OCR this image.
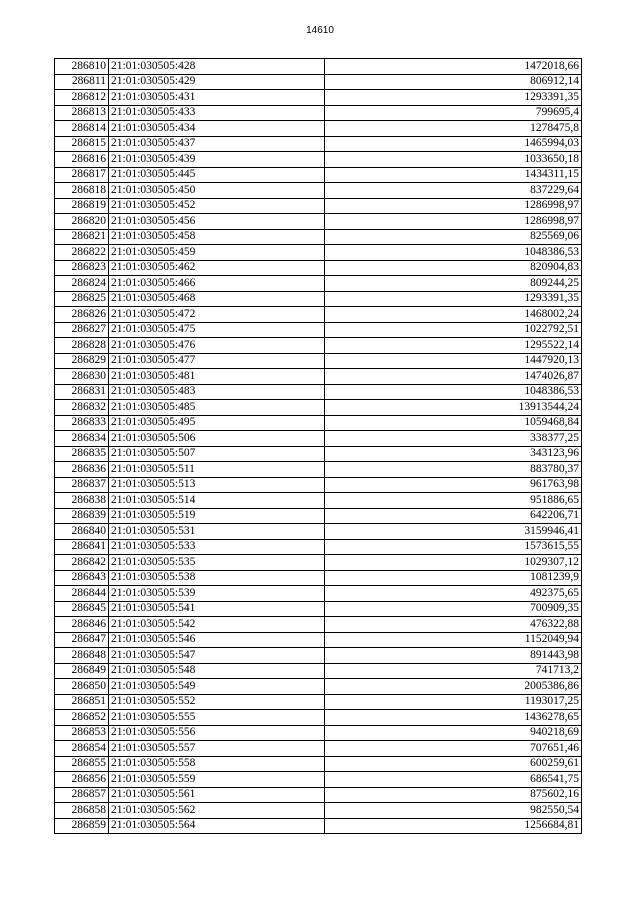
14610
286810	21:01:030505:428	1472018,66
286811	21:01:030505:429	806912,14
286812	21:01:030505:431	1293391,35
286813	21:01:030505:433	799695,4
286814	21:01:030505:434	1278475,8
286815	21:01:030505:437	1465994,03
286816	21:01:030505:439	1033650,18
286817	21:01:030505:445	1434311,15
286818	21:01:030505:450	837229,64
286819	21:01:030505:452	1286998,97
286820	21:01:030505:456	1286998,97
286821	21:01:030505:458	825569,06
286822	21:01:030505:459	1048386,53
286823	21:01:030505:462	820904,83
286824	21:01:030505:466	809244,25
286825	21:01:030505:468	1293391,35
286826	21:01:030505:472	1468002,24
286827	21:01:030505:475	1022792,51
286828	21:01:030505:476	1295522,14
286829	21:01:030505:477	1447920,13
286830	21:01:030505:481	1474026,87
286831	21:01:030505:483	1048386,53
286832	21:01:030505:485	13913544,24
286833	21:01:030505:495	1059468,84
286834	21:01:030505:506	338377,25
286835	21:01:030505:507	343123,96
286836	21:01:030505:511	883780,37
286837	21:01:030505:513	961763,98
286838	21:01:030505:514	951886,65
286839	21:01:030505:519	642206,71
286840	21:01:030505:531	3159946,41
286841	21:01:030505:533	1573615,55
286842	21:01:030505:535	1029307,12
286843	21:01:030505:538	1081239,9
286844	21:01:030505:539	492375,65
286845	21:01:030505:541	700909,35
286846	21:01:030505:542	476322,88
286847	21:01:030505:546	1152049,94
286848	21:01:030505:547	891443,98
286849	21:01:030505:548	741713,2
286850	21:01:030505:549	2005386,86
286851	21:01:030505:552	1193017,25
286852	21:01:030505:555	1436278,65
286853	21:01:030505:556	940218,69
286854	21:01:030505:557	707651,46
286855	21:01:030505:558	600259,61
286856	21:01:030505:559	686541,75
286857	21:01:030505:561	875602,16
286858	21:01:030505:562	982550,54
286859	21:01:030505:564	1256684,81
